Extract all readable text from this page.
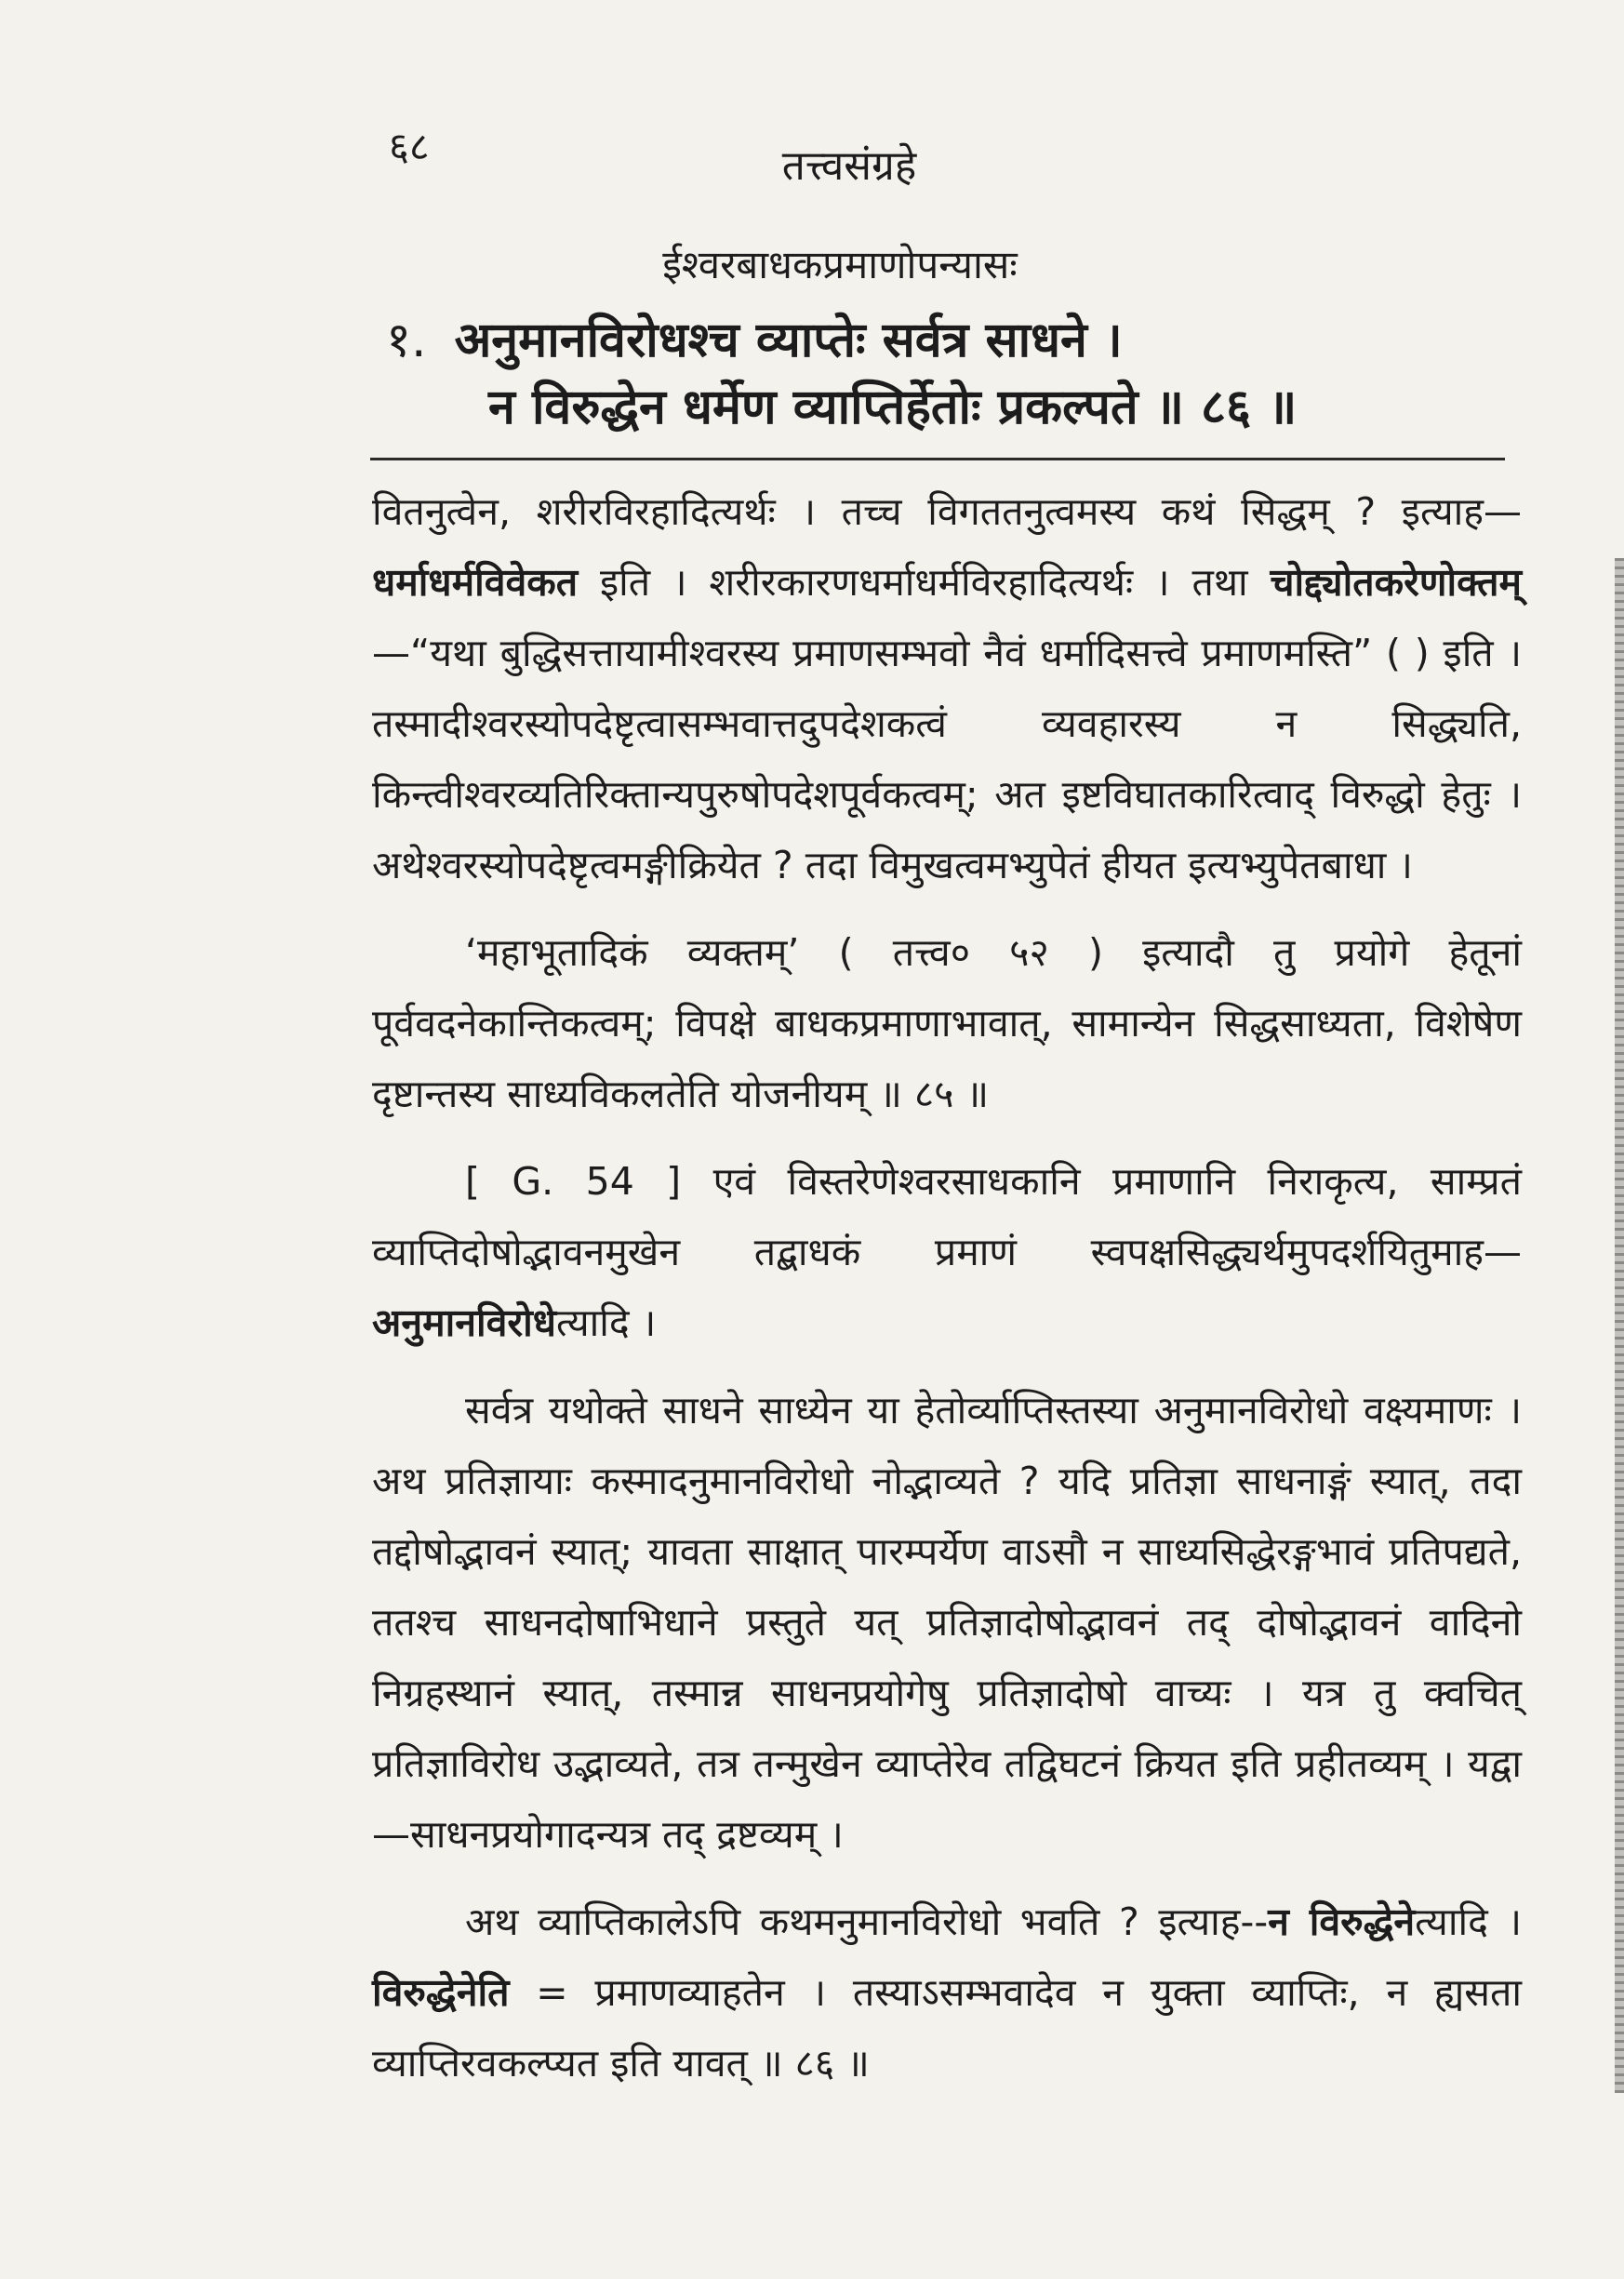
६८	तत्त्वसंग्रहे
ईश्वरबाधकप्रमाणोपन्यासः
१. अनुमानविरोधश्च व्याप्तेः सर्वत्र साधने ।
न विरुद्धेन धर्मेण व्याप्तिर्हेतोः प्रकल्पते ॥ ८६ ॥

वितनुत्वेन, शरीरविरहादित्यर्थः । तच्च विगततनुत्वमस्य कथं सिद्धम् ? इत्याह—धर्माधर्मविवेकत इति । शरीरकारणधर्माधर्मविरहादित्यर्थः । तथा चोद्द्योतकरेणोक्तम्—“यथा बुद्धिसत्तायामीश्वरस्य प्रमाणसम्भवो नैवं धर्मादिसत्त्वे प्रमाणमस्ति” ( ) इति । तस्मादीश्वरस्योपदेष्टृत्वासम्भवात्तदुपदेशकत्वं व्यवहारस्य न सिद्ध्यति, किन्त्वीश्वरव्यतिरिक्तान्यपुरुषोपदेशपूर्वकत्वम्; अत इष्टविघातकारित्वाद् विरुद्धो हेतुः । अथेश्वरस्योपदेष्टृत्वमङ्गीक्रियेत ? तदा विमुखत्वमभ्युपेतं हीयत इत्यभ्युपेतबाधा ।

‘महाभूतादिकं व्यक्तम्’ ( तत्त्व० ५२ ) इत्यादौ तु प्रयोगे हेतूनां पूर्ववदनेकान्तिकत्वम्; विपक्षे बाधकप्रमाणाभावात्, सामान्येन सिद्धसाध्यता, विशेषेण दृष्टान्तस्य साध्यविकलतेति योजनीयम् ॥ ८५ ॥

[ G. 54 ] एवं विस्तरेणेश्वरसाधकानि प्रमाणानि निराकृत्य, साम्प्रतं व्याप्तिदोषोद्भावनमुखेन तद्बाधकं प्रमाणं स्वपक्षसिद्ध्यर्थमुपदर्शयितुमाह—अनुमानविरोधेत्यादि ।

सर्वत्र यथोक्ते साधने साध्येन या हेतोर्व्याप्तिस्तस्या अनुमानविरोधो वक्ष्यमाणः । अथ प्रतिज्ञायाः कस्मादनुमानविरोधो नोद्भाव्यते ? यदि प्रतिज्ञा साधनाङ्गं स्यात्, तदा तद्दोषोद्भावनं स्यात्; यावता साक्षात् पारम्पर्येण वाऽसौ न साध्यसिद्धेरङ्गभावं प्रतिपद्यते, ततश्च साधनदोषाभिधाने प्रस्तुते यत् प्रतिज्ञादोषोद्भावनं तद् दोषोद्भावनं वादिनो निग्रहस्थानं स्यात्, तस्मान्न साधनप्रयोगेषु प्रतिज्ञादोषो वाच्यः । यत्र तु क्वचित् प्रतिज्ञाविरोध उद्भाव्यते, तत्र तन्मुखेन व्याप्तेरेव तद्विघटनं क्रियत इति प्रहीतव्यम् । यद्वा—साधनप्रयोगादन्यत्र तद् द्रष्टव्यम् ।

अथ व्याप्तिकालेऽपि कथमनुमानविरोधो भवति ? इत्याह--न विरुद्धेनेत्यादि । विरुद्धेनेति = प्रमाणव्याहतेन । तस्याऽसम्भवादेव न युक्ता व्याप्तिः, न ह्यसता व्याप्तिरवकल्प्यत इति यावत् ॥ ८६ ॥
